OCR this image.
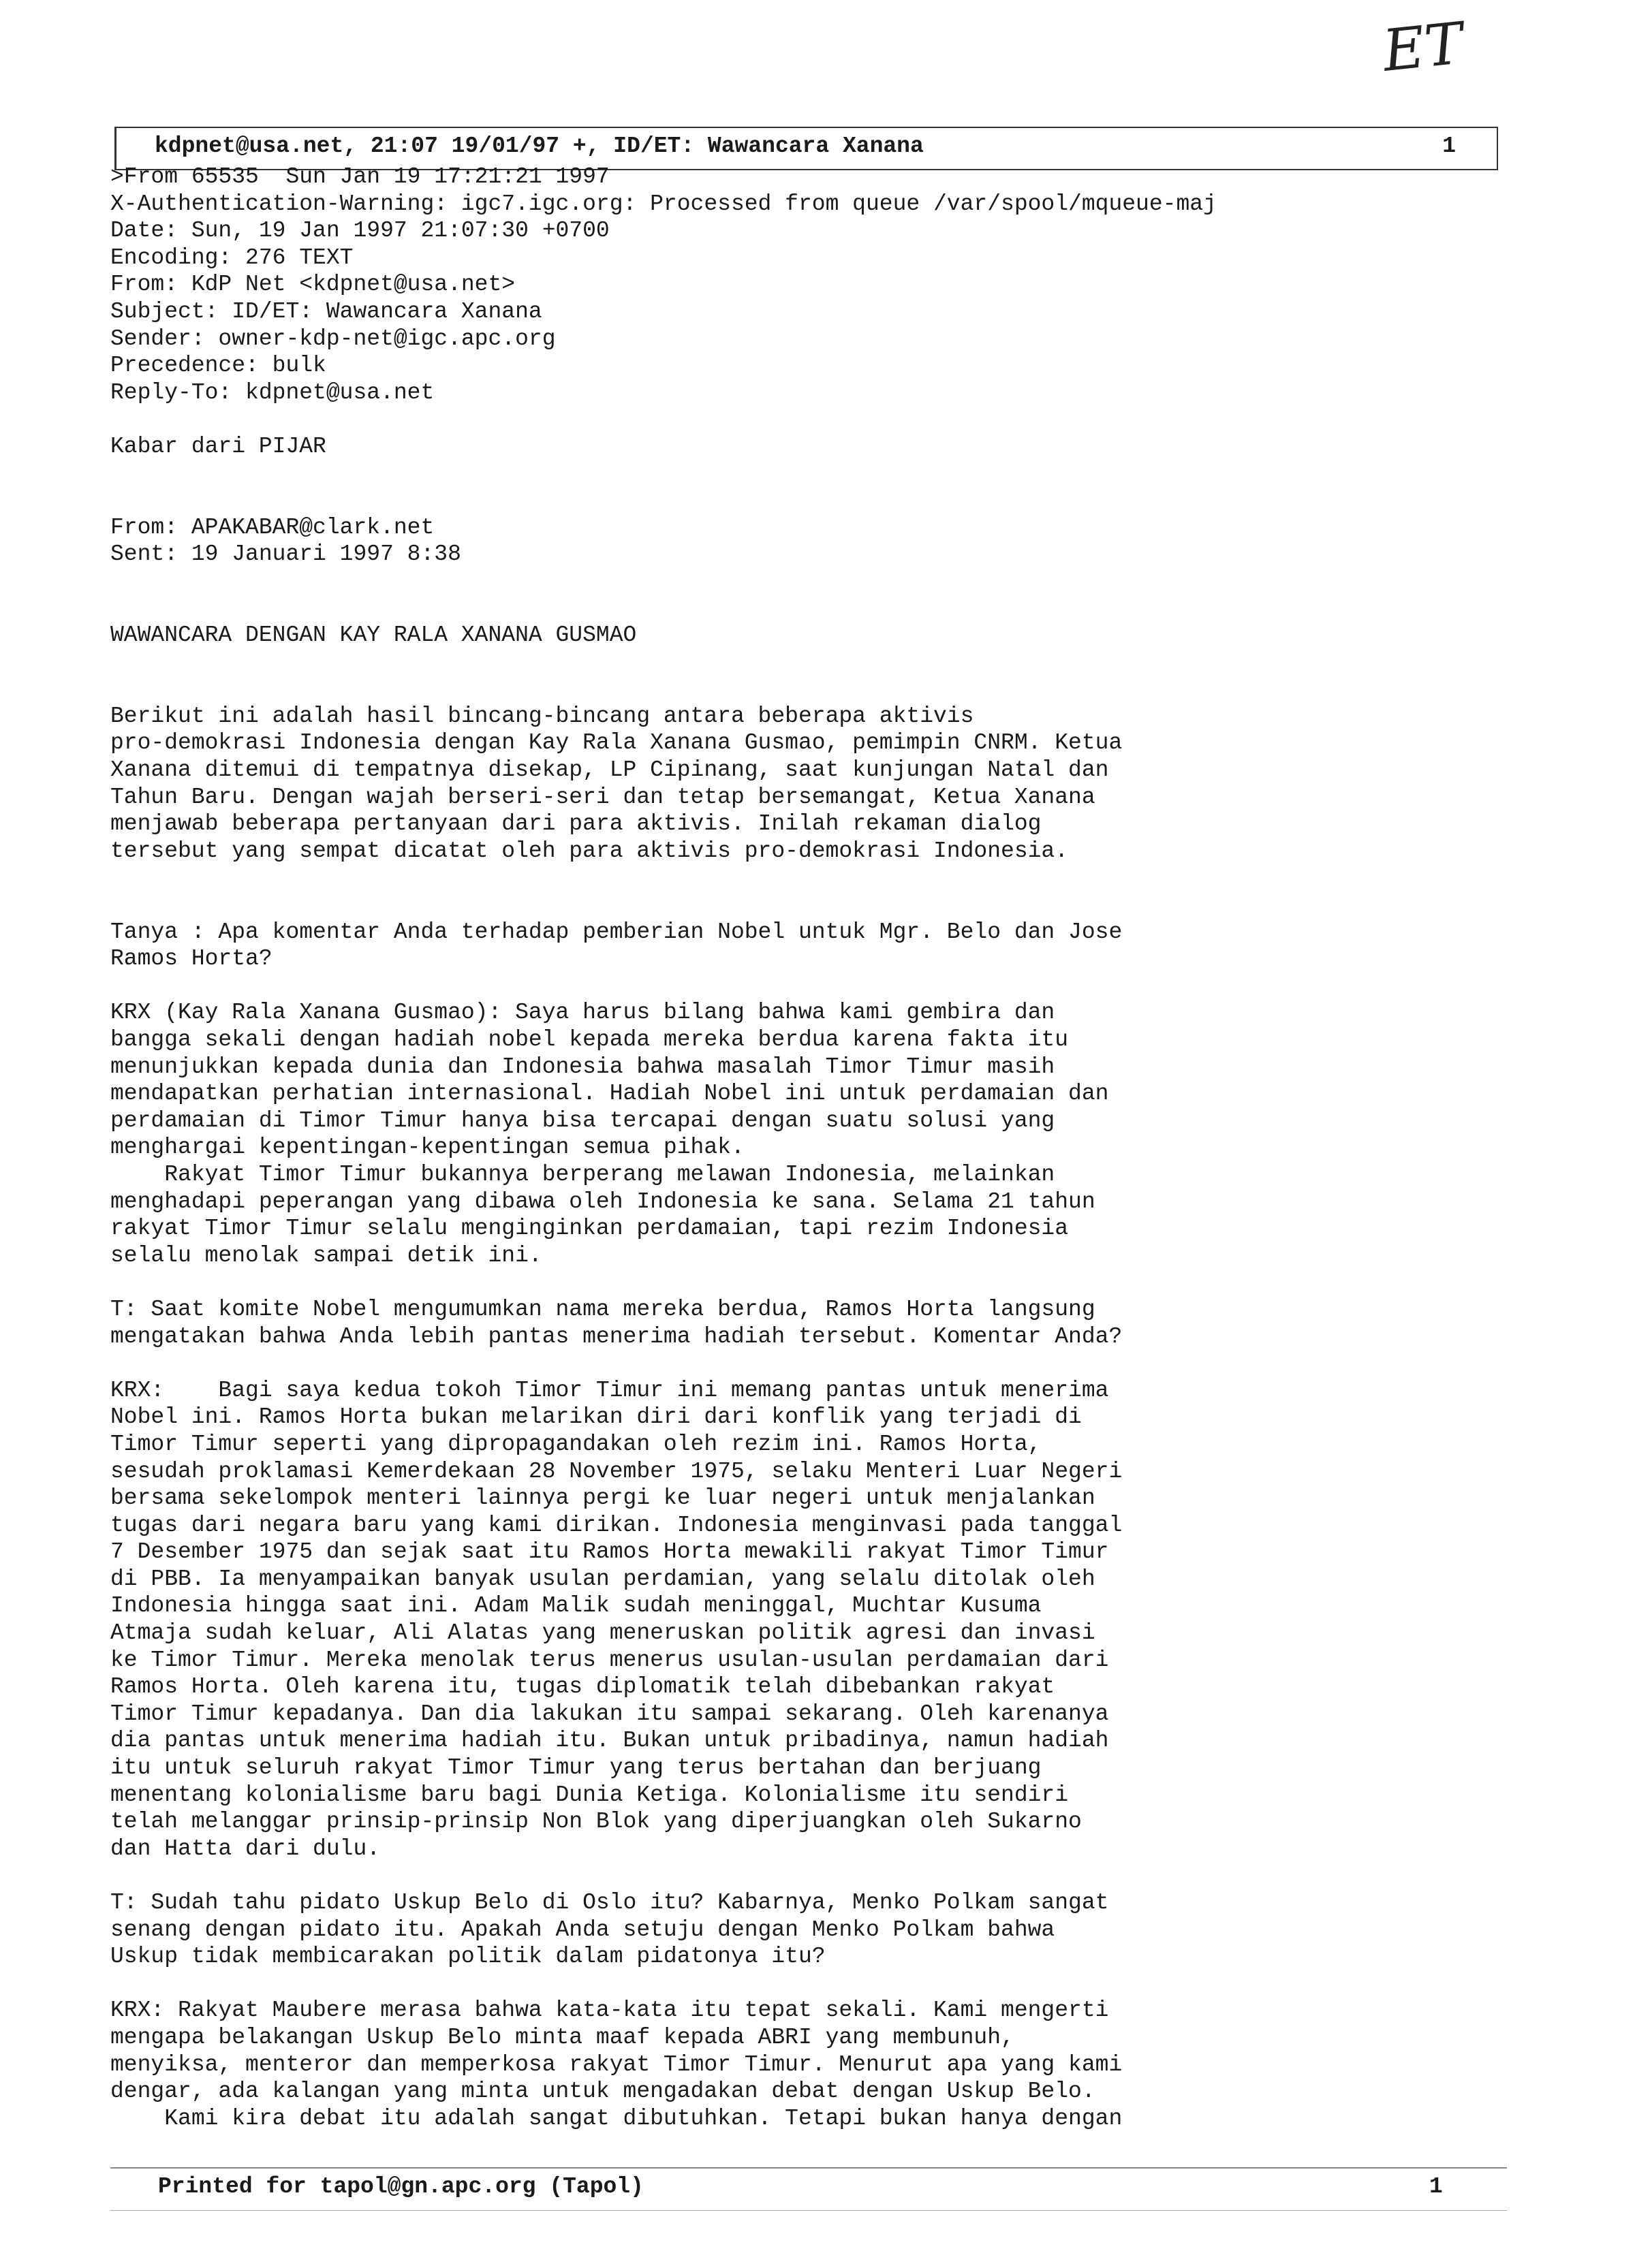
ET
kdpnet@usa.net, 21:07 19/01/97 +, ID/ET: Wawancara Xanana	1
>From 65535  Sun Jan 19 17:21:21 1997
X-Authentication-Warning: igc7.igc.org: Processed from queue /var/spool/mqueue-maj
Date: Sun, 19 Jan 1997 21:07:30 +0700
Encoding: 276 TEXT
From: KdP Net <kdpnet@usa.net>
Subject: ID/ET: Wawancara Xanana
Sender: owner-kdp-net@igc.apc.org
Precedence: bulk
Reply-To: kdpnet@usa.net

Kabar dari PIJAR

From: APAKABAR@clark.net
Sent: 19 Januari 1997 8:38

WAWANCARA DENGAN KAY RALA XANANA GUSMAO

Berikut ini adalah hasil bincang-bincang antara beberapa aktivis
pro-demokrasi Indonesia dengan Kay Rala Xanana Gusmao, pemimpin CNRM. Ketua
Xanana ditemui di tempatnya disekap, LP Cipinang, saat kunjungan Natal dan
Tahun Baru. Dengan wajah berseri-seri dan tetap bersemangat, Ketua Xanana
menjawab beberapa pertanyaan dari para aktivis. Inilah rekaman dialog
tersebut yang sempat dicatat oleh para aktivis pro-demokrasi Indonesia.

Tanya : Apa komentar Anda terhadap pemberian Nobel untuk Mgr. Belo dan Jose
Ramos Horta?

KRX (Kay Rala Xanana Gusmao): Saya harus bilang bahwa kami gembira dan
bangga sekali dengan hadiah nobel kepada mereka berdua karena fakta itu
menunjukkan kepada dunia dan Indonesia bahwa masalah Timor Timur masih
mendapatkan perhatian internasional. Hadiah Nobel ini untuk perdamaian dan
perdamaian di Timor Timur hanya bisa tercapai dengan suatu solusi yang
menghargai kepentingan-kepentingan semua pihak.
Rakyat Timor Timur bukannya berperang melawan Indonesia, melainkan
menghadapi peperangan yang dibawa oleh Indonesia ke sana. Selama 21 tahun
rakyat Timor Timur selalu menginginkan perdamaian, tapi rezim Indonesia
selalu menolak sampai detik ini.

T: Saat komite Nobel mengumumkan nama mereka berdua, Ramos Horta langsung
mengatakan bahwa Anda lebih pantas menerima hadiah tersebut. Komentar Anda?

KRX:    Bagi saya kedua tokoh Timor Timur ini memang pantas untuk menerima
Nobel ini. Ramos Horta bukan melarikan diri dari konflik yang terjadi di
Timor Timur seperti yang dipropagandakan oleh rezim ini. Ramos Horta,
sesudah proklamasi Kemerdekaan 28 November 1975, selaku Menteri Luar Negeri
bersama sekelompok menteri lainnya pergi ke luar negeri untuk menjalankan
tugas dari negara baru yang kami dirikan. Indonesia menginvasi pada tanggal
7 Desember 1975 dan sejak saat itu Ramos Horta mewakili rakyat Timor Timur
di PBB. Ia menyampaikan banyak usulan perdamian, yang selalu ditolak oleh
Indonesia hingga saat ini. Adam Malik sudah meninggal, Muchtar Kusuma
Atmaja sudah keluar, Ali Alatas yang meneruskan politik agresi dan invasi
ke Timor Timur. Mereka menolak terus menerus usulan-usulan perdamaian dari
Ramos Horta. Oleh karena itu, tugas diplomatik telah dibebankan rakyat
Timor Timur kepadanya. Dan dia lakukan itu sampai sekarang. Oleh karenanya
dia pantas untuk menerima hadiah itu. Bukan untuk pribadinya, namun hadiah
itu untuk seluruh rakyat Timor Timur yang terus bertahan dan berjuang
menentang kolonialisme baru bagi Dunia Ketiga. Kolonialisme itu sendiri
telah melanggar prinsip-prinsip Non Blok yang diperjuangkan oleh Sukarno
dan Hatta dari dulu.

T: Sudah tahu pidato Uskup Belo di Oslo itu? Kabarnya, Menko Polkam sangat
senang dengan pidato itu. Apakah Anda setuju dengan Menko Polkam bahwa
Uskup tidak membicarakan politik dalam pidatonya itu?

KRX: Rakyat Maubere merasa bahwa kata-kata itu tepat sekali. Kami mengerti
mengapa belakangan Uskup Belo minta maaf kepada ABRI yang membunuh,
menyiksa, menteror dan memperkosa rakyat Timor Timur. Menurut apa yang kami
dengar, ada kalangan yang minta untuk mengadakan debat dengan Uskup Belo.
Kami kira debat itu adalah sangat dibutuhkan. Tetapi bukan hanya dengan
Printed for tapol@gn.apc.org (Tapol)	1
